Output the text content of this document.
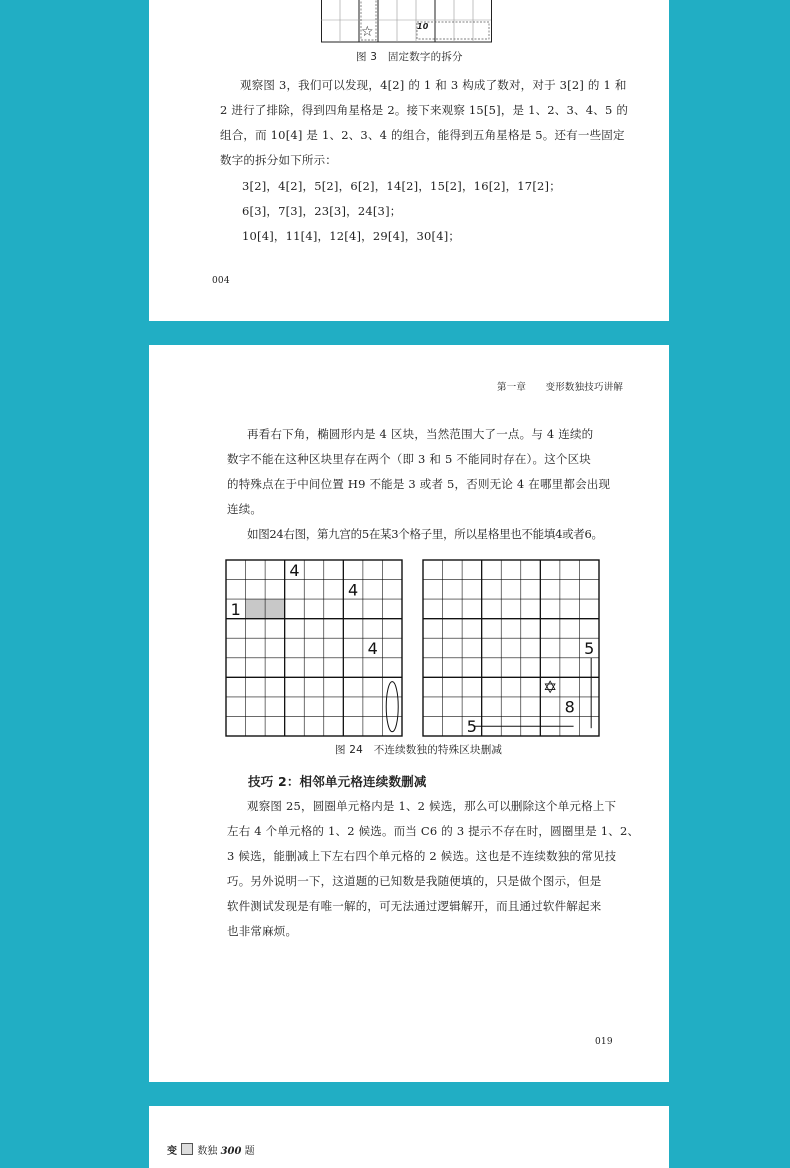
☆	10
图 3　固定数字的拆分
观察图 3，我们可以发现，4[2] 的 1 和 3 构成了数对，对于 3[2] 的 1 和
2 进行了排除，得到四角星格是 2。接下来观察 15[5]，是 1、2、3、4、5 的
组合，而 10[4] 是 1、2、3、4 的组合，能得到五角星格是 5。还有一些固定
数字的拆分如下所示：
3[2]，4[2]，5[2]，6[2]，14[2]，15[2]，16[2]，17[2]；
6[3]，7[3]，23[3]，24[3]；
10[4]，11[4]，12[4]，29[4]，30[4]；
004
第一章　　变形数独技巧讲解
再看右下角，椭圆形内是 4 区块，当然范围大了一点。与 4 连续的
数字不能在这种区块里存在两个（即 3 和 5 不能同时存在）。这个区块
的特殊点在于中间位置 H9 不能是 3 或者 5，否则无论 4 在哪里都会出现
连续。
如图24右图，第九宫的5在某3个格子里，所以星格里也不能填4或者6。
4
4
1
4	5
8
5
✡
图 24　不连续数独的特殊区块删减
技巧 2：相邻单元格连续数删减
观察图 25，圆圈单元格内是 1、2 候选，那么可以删除这个单元格上下
左右 4 个单元格的 1、2 候选。而当 C6 的 3 提示不存在时，圆圈里是 1、2、
3 候选，能删减上下左右四个单元格的 2 候选。这也是不连续数独的常见技
巧。另外说明一下，这道题的已知数是我随便填的，只是做个图示，但是
软件测试发现是有唯一解的，可无法通过逻辑解开，而且通过软件解起来
也非常麻烦。
019
变 数独 300 题
